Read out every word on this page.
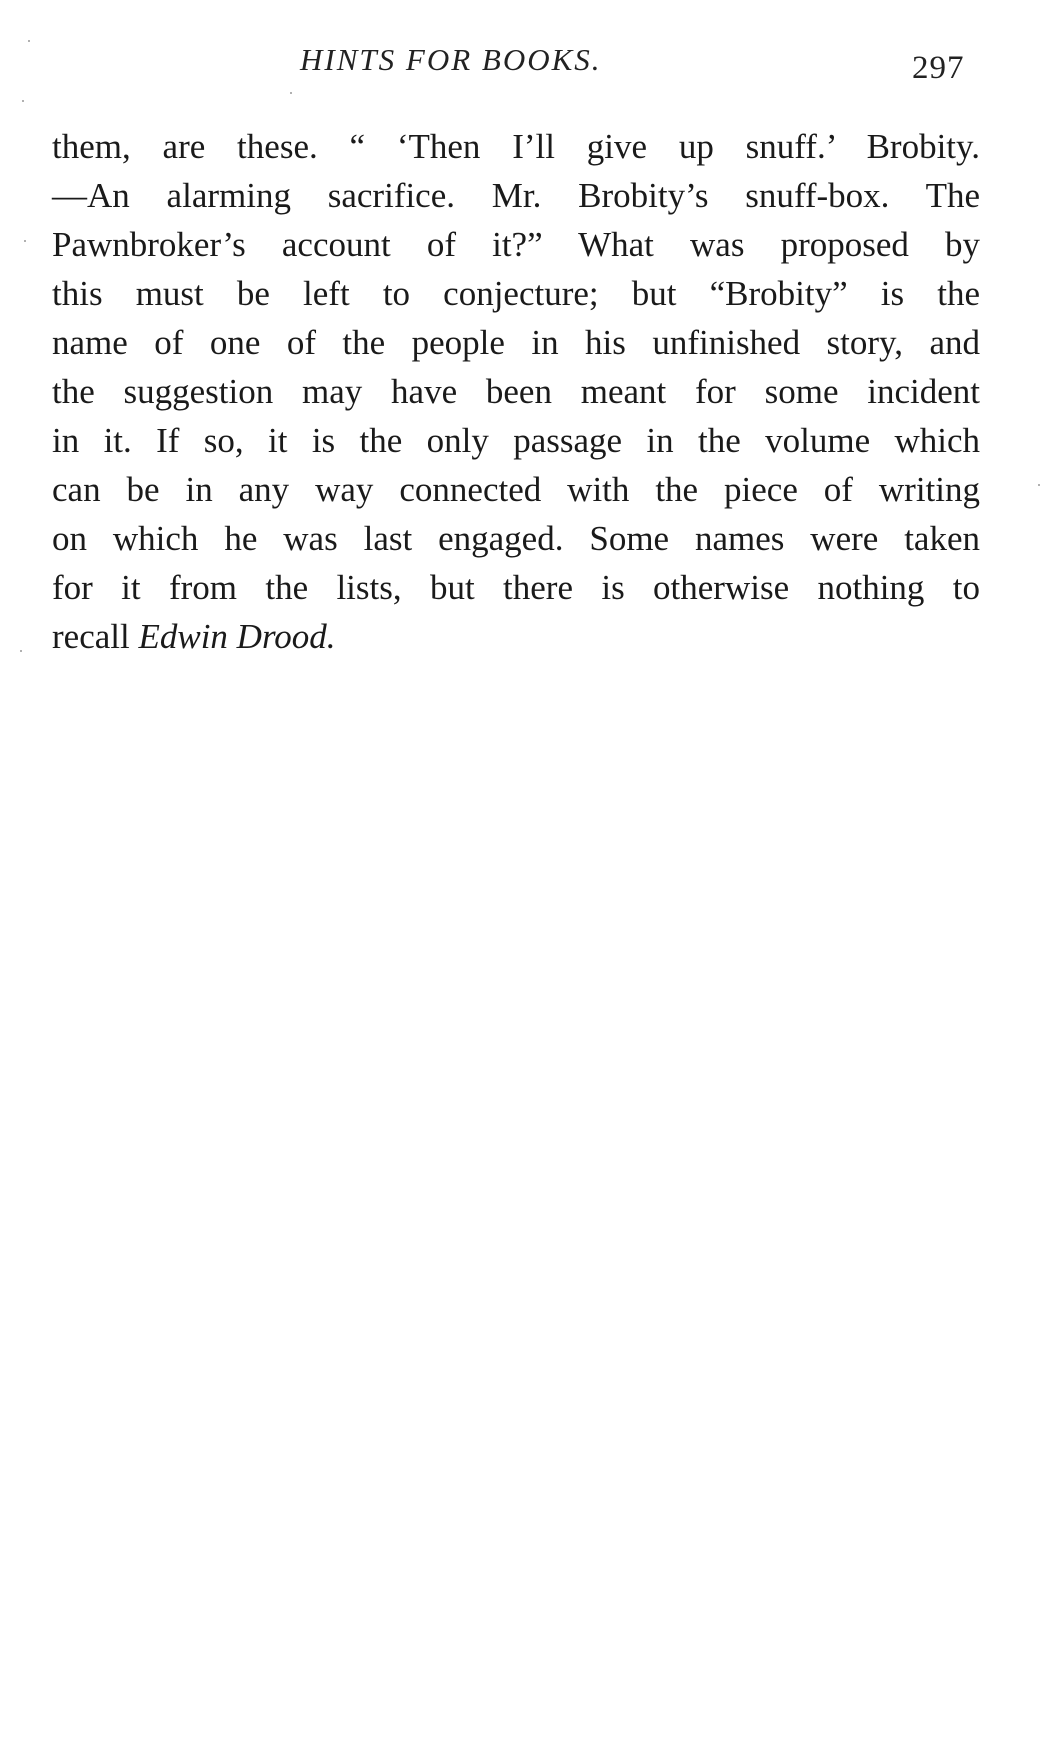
HINTS FOR BOOKS.	297
them, are these. “ ‘Then I’ll give up snuff.’ Brobity.
—An alarming sacrifice. Mr. Brobity’s snuff-box. The
Pawnbroker’s account of it?” What was proposed by
this must be left to conjecture; but “Brobity” is the
name of one of the people in his unfinished story, and
the suggestion may have been meant for some incident
in it. If so, it is the only passage in the volume which
can be in any way connected with the piece of writing
on which he was last engaged. Some names were taken
for it from the lists, but there is otherwise nothing to
recall Edwin Drood.
